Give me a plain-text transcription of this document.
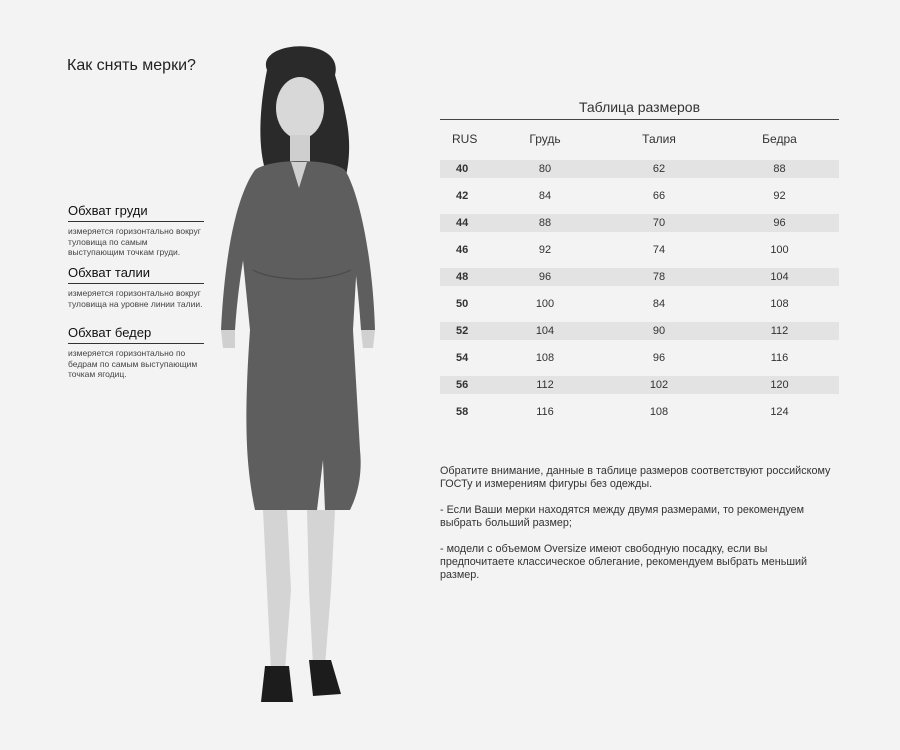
Как снять мерки?
Обхват груди
измеряется горизонтально вокруг туловища по самым выступающим точкам груди.
Обхват талии
измеряется горизонтально вокруг туловища на уровне линии талии.
Обхват бедер
измеряется горизонтально по бедрам по самым выступающим точкам ягодиц.
Таблица размеров
RUS	Грудь	Талия	Бедра
40	80	62	88
42	84	66	92
44	88	70	96
46	92	74	100
48	96	78	104
50	100	84	108
52	104	90	112
54	108	96	116
56	112	102	120
58	116	108	124

Обратите внимание, данные в таблице размеров соответствуют российскому ГОСТу и измерениям фигуры без одежды.

- Если Ваши мерки находятся между двумя размерами, то рекомендуем выбрать больший размер;

- модели с объемом Oversize имеют свободную посадку, если вы предпочитаете классическое облегание, рекомендуем выбрать меньший размер.
